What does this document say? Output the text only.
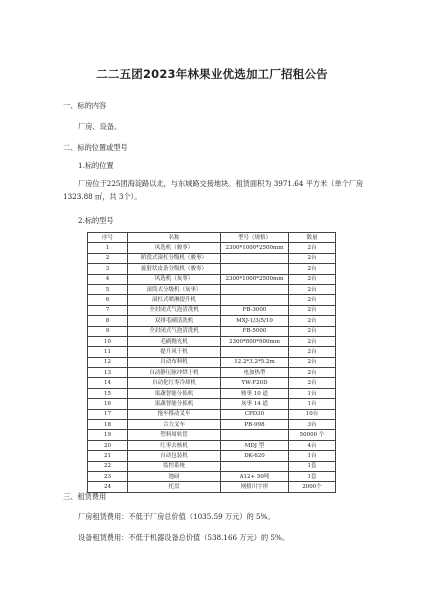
二二五团2023年林果业优选加工厂招租公告
一、标的内容
厂房、设备。
二、标的位置或型号
1.标的位置
厂房位于225团海淀路以北，与东城路交接地块。租赁面积为 3971.64 平方米（单个厂房 1323.88 ㎡，共 3个）。
2.标的型号
序号	名称	型号（规格）	数量
1	风选机（骏枣）	2300*1000*2500mm	2台
2	阶段式滚杠分级机（骏枣）		2台
3	旋射状皮条分级机（骏枣）		2台
4	风选机（灰枣）	2300*1000*2500mm	2台
5	滚筒式分级机（灰枣）		2台
6	滚杠式喷淋提升机		2台
7	全封闭式气泡清洗机	FB-3000	2台
8	双排毛刷清洗机	MXJ-1/3/5/10	2台
9	全封闭式气泡清洗机	FB-5000	2台
10	毛刷抛光机	2300*800*900mm	2台
11	提升风干机		2台
12	自动布料机	12.2*3.2*5.2m	2台
13	自动静压脉冲烘干机	电加热型	2台
14	自动化红枣冷却机	YW-F20D	2台
15	果蔬智能分拣机	骏枣 10 道	1台
16	果蔬智能分拣机	灰枣 14 道	1台
17	拖车移动叉车	CPD30	10台
18	合力叉车	PB-998	3台
19	塑料周转筐		50000 个
20	红枣去核机	MDJ 型	4台
21	自动包装机	DK-620	1台
22	监控系统		1套
23	地磅	A12+ 50吨	1套
24	托盘	网格川字形	2000个
三、租赁费用
厂房租赁费用：不低于厂房总价值（1035.59 万元）的 5%。
设备租赁费用：不低于机器设备总价值（538.166 万元）的 5%。
